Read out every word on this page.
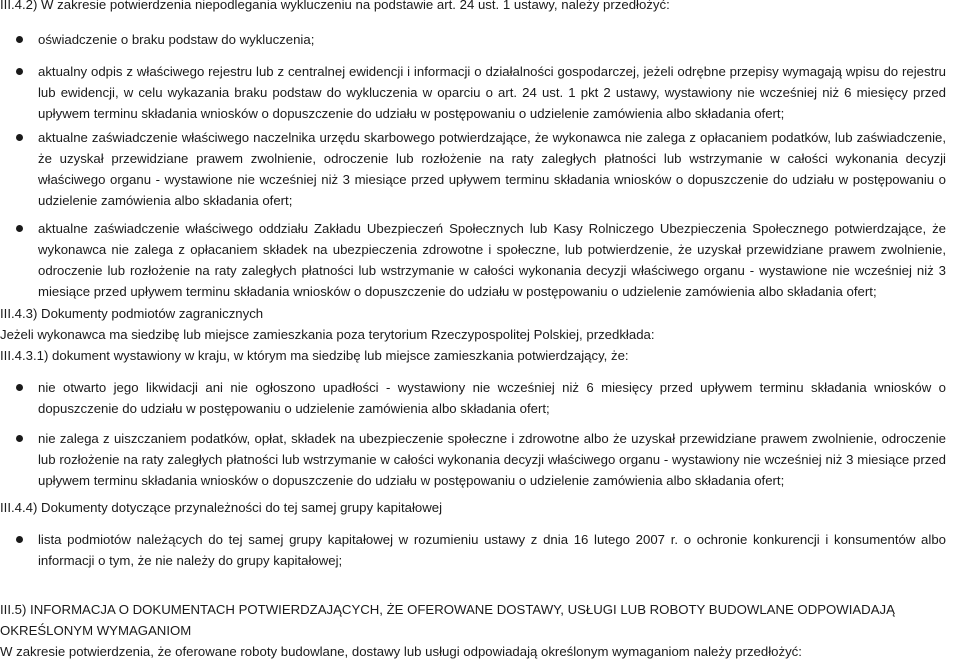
III.4.2) W zakresie potwierdzenia niepodlegania wykluczeniu na podstawie art. 24 ust. 1 ustawy, należy przedłożyć:
oświadczenie o braku podstaw do wykluczenia;
aktualny odpis z właściwego rejestru lub z centralnej ewidencji i informacji o działalności gospodarczej, jeżeli odrębne przepisy wymagają wpisu do rejestru lub ewidencji, w celu wykazania braku podstaw do wykluczenia w oparciu o art. 24 ust. 1 pkt 2 ustawy, wystawiony nie wcześniej niż 6 miesięcy przed upływem terminu składania wniosków o dopuszczenie do udziału w postępowaniu o udzielenie zamówienia albo składania ofert;
aktualne zaświadczenie właściwego naczelnika urzędu skarbowego potwierdzające, że wykonawca nie zalega z opłacaniem podatków, lub zaświadczenie, że uzyskał przewidziane prawem zwolnienie, odroczenie lub rozłożenie na raty zaległych płatności lub wstrzymanie w całości wykonania decyzji właściwego organu - wystawione nie wcześniej niż 3 miesiące przed upływem terminu składania wniosków o dopuszczenie do udziału w postępowaniu o udzielenie zamówienia albo składania ofert;
aktualne zaświadczenie właściwego oddziału Zakładu Ubezpieczeń Społecznych lub Kasy Rolniczego Ubezpieczenia Społecznego potwierdzające, że wykonawca nie zalega z opłacaniem składek na ubezpieczenia zdrowotne i społeczne, lub potwierdzenie, że uzyskał przewidziane prawem zwolnienie, odroczenie lub rozłożenie na raty zaległych płatności lub wstrzymanie w całości wykonania decyzji właściwego organu - wystawione nie wcześniej niż 3 miesiące przed upływem terminu składania wniosków o dopuszczenie do udziału w postępowaniu o udzielenie zamówienia albo składania ofert;
III.4.3) Dokumenty podmiotów zagranicznych
Jeżeli wykonawca ma siedzibę lub miejsce zamieszkania poza terytorium Rzeczypospolitej Polskiej, przedkłada:
III.4.3.1) dokument wystawiony w kraju, w którym ma siedzibę lub miejsce zamieszkania potwierdzający, że:
nie otwarto jego likwidacji ani nie ogłoszono upadłości - wystawiony nie wcześniej niż 6 miesięcy przed upływem terminu składania wniosków o dopuszczenie do udziału w postępowaniu o udzielenie zamówienia albo składania ofert;
nie zalega z uiszczaniem podatków, opłat, składek na ubezpieczenie społeczne i zdrowotne albo że uzyskał przewidziane prawem zwolnienie, odroczenie lub rozłożenie na raty zaległych płatności lub wstrzymanie w całości wykonania decyzji właściwego organu - wystawiony nie wcześniej niż 3 miesiące przed upływem terminu składania wniosków o dopuszczenie do udziału w postępowaniu o udzielenie zamówienia albo składania ofert;
III.4.4) Dokumenty dotyczące przynależności do tej samej grupy kapitałowej
lista podmiotów należących do tej samej grupy kapitałowej w rozumieniu ustawy z dnia 16 lutego 2007 r. o ochronie konkurencji i konsumentów albo informacji o tym, że nie należy do grupy kapitałowej;
III.5) INFORMACJA O DOKUMENTACH POTWIERDZAJĄCYCH, ŻE OFEROWANE DOSTAWY, USŁUGI LUB ROBOTY BUDOWLANE ODPOWIADAJĄ OKREŚLONYM WYMAGANIOM
W zakresie potwierdzenia, że oferowane roboty budowlane, dostawy lub usługi odpowiadają określonym wymaganiom należy przedłożyć:
